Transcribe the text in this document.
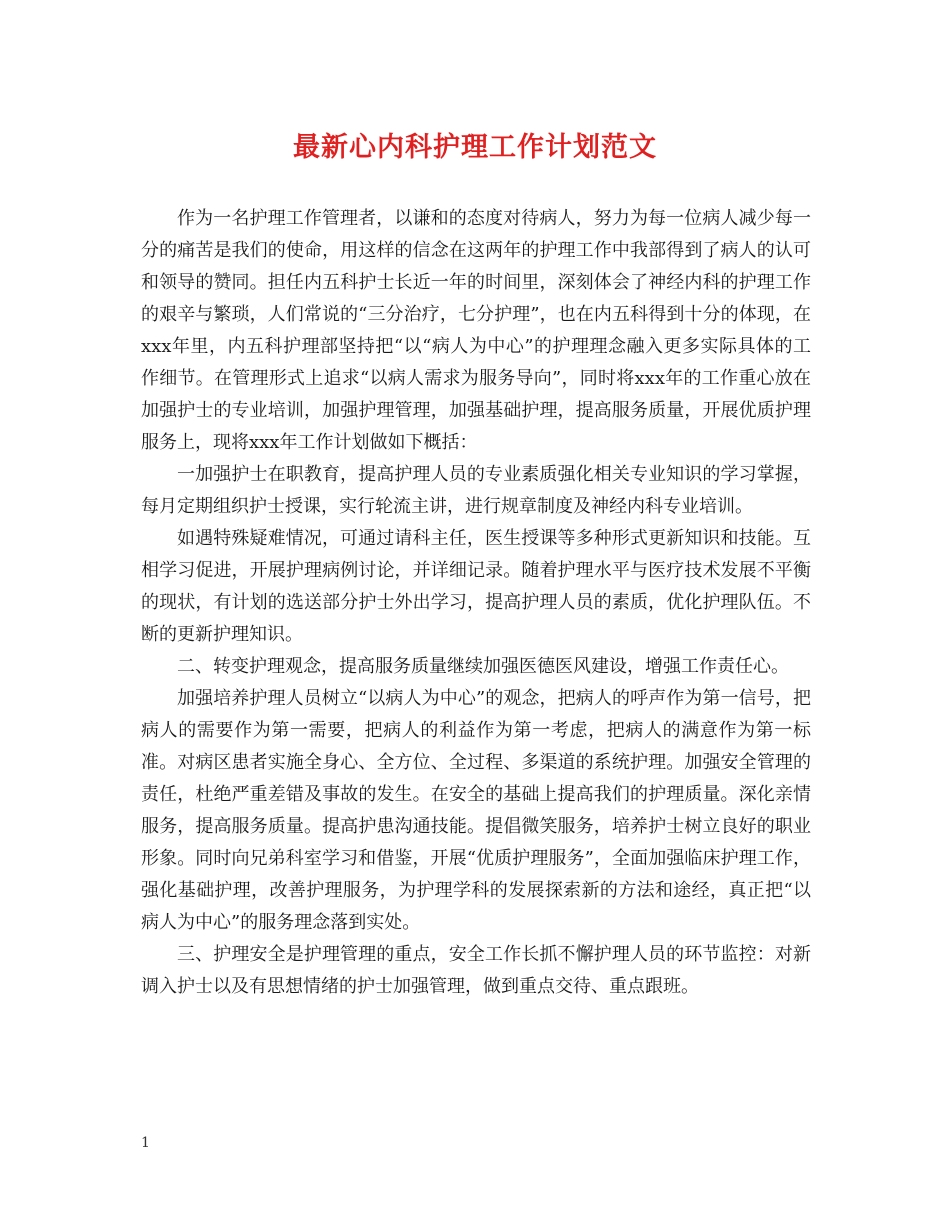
最新心内科护理工作计划范文

作为一名护理工作管理者，以谦和的态度对待病人，努力为每一位病人减少每一分的痛苦是我们的使命，用这样的信念在这两年的护理工作中我部得到了病人的认可和领导的赞同。担任内五科护士长近一年的时间里，深刻体会了神经内科的护理工作的艰辛与繁琐，人们常说的“三分治疗，七分护理”，也在内五科得到十分的体现，在xxx年里，内五科护理部坚持把“以“病人为中心”的护理理念融入更多实际具体的工作细节。在管理形式上追求“以病人需求为服务导向”，同时将xxx年的工作重心放在加强护士的专业培训，加强护理管理，加强基础护理，提高服务质量，开展优质护理服务上，现将xxx年工作计划做如下概括：

一加强护士在职教育，提高护理人员的专业素质强化相关专业知识的学习掌握，每月定期组织护士授课，实行轮流主讲，进行规章制度及神经内科专业培训。

如遇特殊疑难情况，可通过请科主任，医生授课等多种形式更新知识和技能。互相学习促进，开展护理病例讨论，并详细记录。随着护理水平与医疗技术发展不平衡的现状，有计划的选送部分护士外出学习，提高护理人员的素质，优化护理队伍。不断的更新护理知识。

二、转变护理观念，提高服务质量继续加强医德医风建设，增强工作责任心。

加强培养护理人员树立“以病人为中心”的观念，把病人的呼声作为第一信号，把病人的需要作为第一需要，把病人的利益作为第一考虑，把病人的满意作为第一标准。对病区患者实施全身心、全方位、全过程、多渠道的系统护理。加强安全管理的责任，杜绝严重差错及事故的发生。在安全的基础上提高我们的护理质量。深化亲情服务，提高服务质量。提高护患沟通技能。提倡微笑服务，培养护士树立良好的职业形象。同时向兄弟科室学习和借鉴，开展“优质护理服务”，全面加强临床护理工作，强化基础护理，改善护理服务，为护理学科的发展探索新的方法和途经，真正把“以病人为中心”的服务理念落到实处。

三、护理安全是护理管理的重点，安全工作长抓不懈护理人员的环节监控：对新调入护士以及有思想情绪的护士加强管理，做到重点交待、重点跟班。

1
